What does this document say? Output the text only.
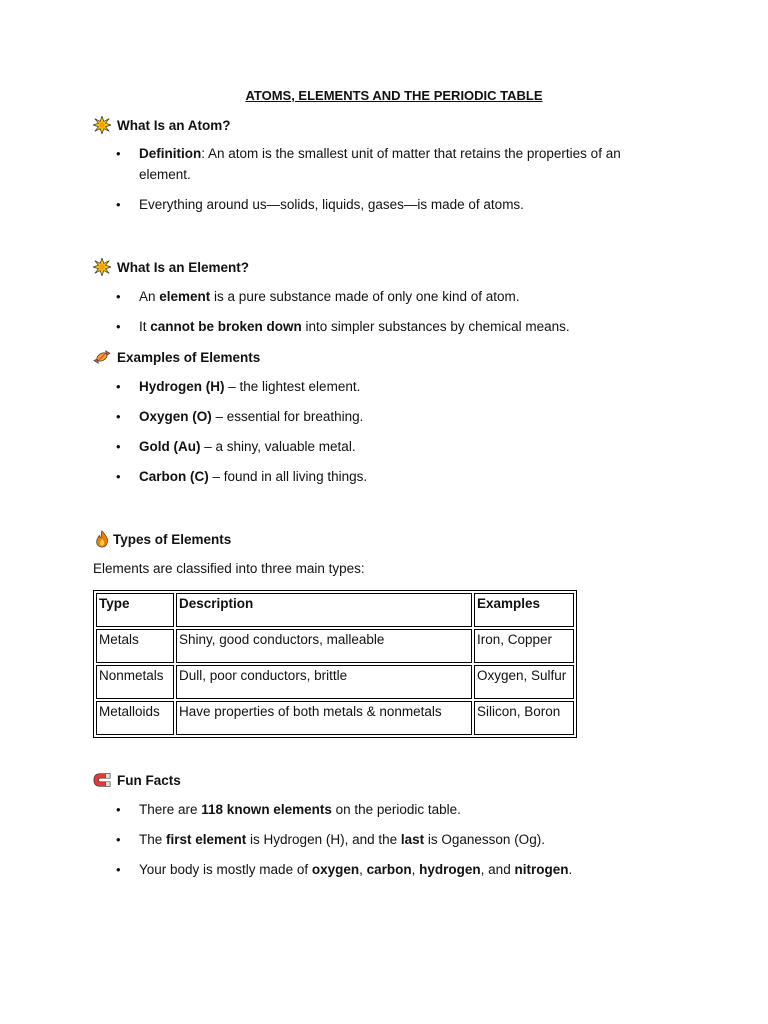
ATOMS, ELEMENTS AND THE PERIODIC TABLE
What Is an Atom?
• Definition: An atom is the smallest unit of matter that retains the properties of an element.
• Everything around us—solids, liquids, gases—is made of atoms.
What Is an Element?
• An element is a pure substance made of only one kind of atom.
• It cannot be broken down into simpler substances by chemical means.
Examples of Elements
• Hydrogen (H) – the lightest element.
• Oxygen (O) – essential for breathing.
• Gold (Au) – a shiny, valuable metal.
• Carbon (C) – found in all living things.
Types of Elements
Elements are classified into three main types:
Type	Description	Examples
Metals	Shiny, good conductors, malleable	Iron, Copper
Nonmetals	Dull, poor conductors, brittle	Oxygen, Sulfur
Metalloids	Have properties of both metals & nonmetals	Silicon, Boron
Fun Facts
• There are 118 known elements on the periodic table.
• The first element is Hydrogen (H), and the last is Oganesson (Og).
• Your body is mostly made of oxygen, carbon, hydrogen, and nitrogen.
